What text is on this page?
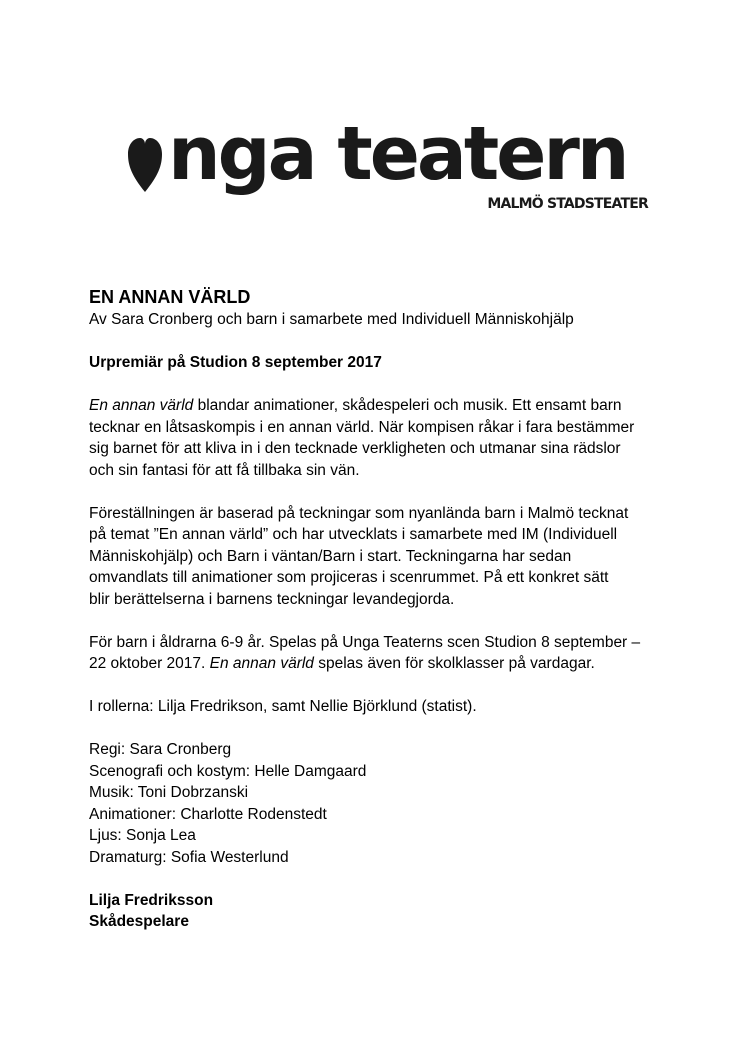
nga teatern
MALMÖ STADSTEATER

EN ANNAN VÄRLD

Av Sara Cronberg och barn i samarbete med Individuell Människohjälp

Urpremiär på Studion 8 september 2017

En annan värld blandar animationer, skådespeleri och musik. Ett ensamt barn
tecknar en låtsaskompis i en annan värld. När kompisen råkar i fara bestämmer
sig barnet för att kliva in i den tecknade verkligheten och utmanar sina rädslor
och sin fantasi för att få tillbaka sin vän.

Föreställningen är baserad på teckningar som nyanlända barn i Malmö tecknat
på temat ”En annan värld” och har utvecklats i samarbete med IM (Individuell
Människohjälp) och Barn i väntan/Barn i start. Teckningarna har sedan
omvandlats till animationer som projiceras i scenrummet. På ett konkret sätt
blir berättelserna i barnens teckningar levandegjorda.

För barn i åldrarna 6-9 år. Spelas på Unga Teaterns scen Studion 8 september –
22 oktober 2017. En annan värld spelas även för skolklasser på vardagar.

I rollerna: Lilja Fredrikson, samt Nellie Björklund (statist).

Regi: Sara Cronberg
Scenografi och kostym: Helle Damgaard
Musik: Toni Dobrzanski
Animationer: Charlotte Rodenstedt
Ljus: Sonja Lea
Dramaturg: Sofia Westerlund

Lilja Fredriksson

Skådespelare
